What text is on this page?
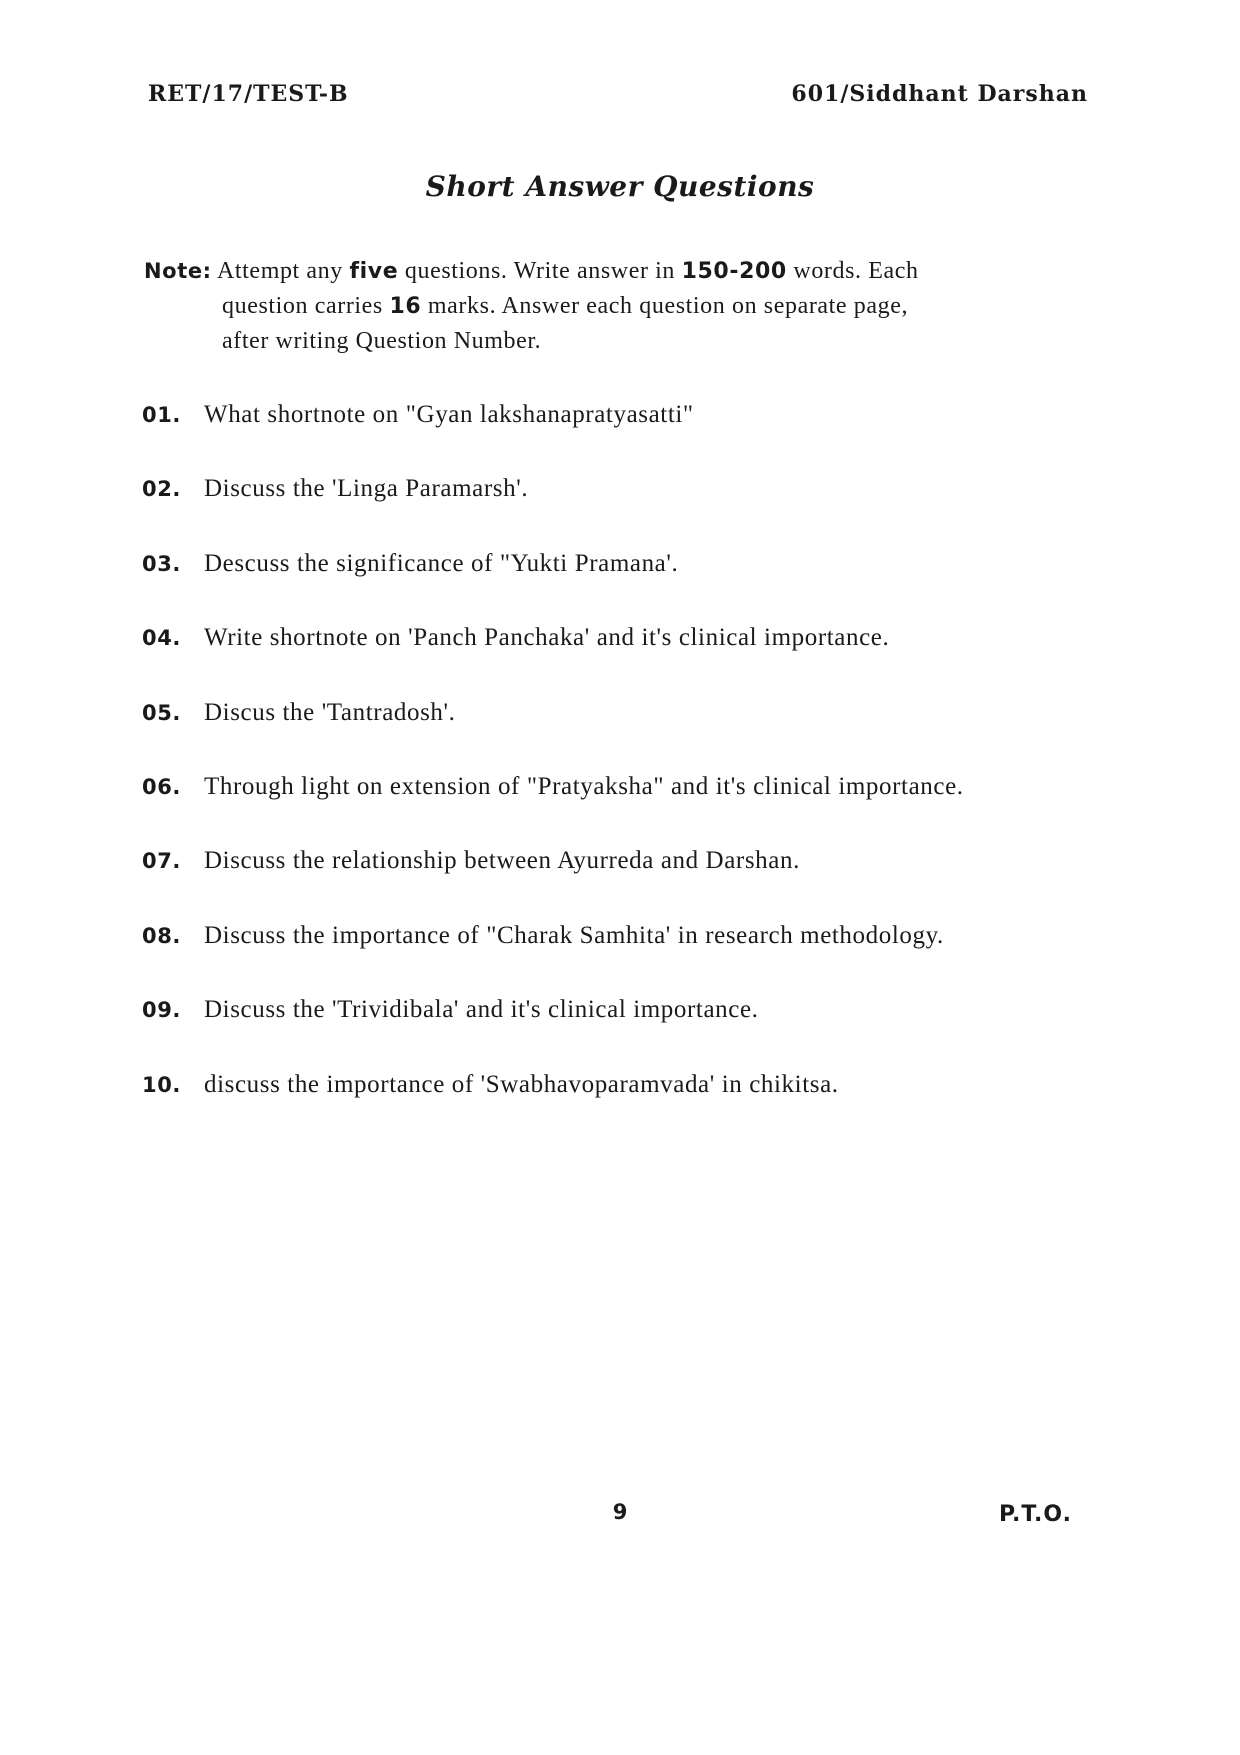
RET/17/TEST-B	601/Siddhant Darshan
Short Answer Questions
Note: Attempt any five questions. Write answer in 150-200 words. Each
question carries 16 marks. Answer each question on separate page,
after writing Question Number.
01. What shortnote on "Gyan lakshanapratyasatti"
02. Discuss the 'Linga Paramarsh'.
03. Descuss the significance of "Yukti Pramana'.
04. Write shortnote on 'Panch Panchaka' and it's clinical importance.
05. Discus the 'Tantradosh'.
06. Through light on extension of "Pratyaksha" and it's clinical importance.
07. Discuss the relationship between Ayurreda and Darshan.
08. Discuss the importance of "Charak Samhita' in research methodology.
09. Discuss the 'Trividibala' and it's clinical importance.
10. discuss the importance of 'Swabhavoparamvada' in chikitsa.
9	P.T.O.
